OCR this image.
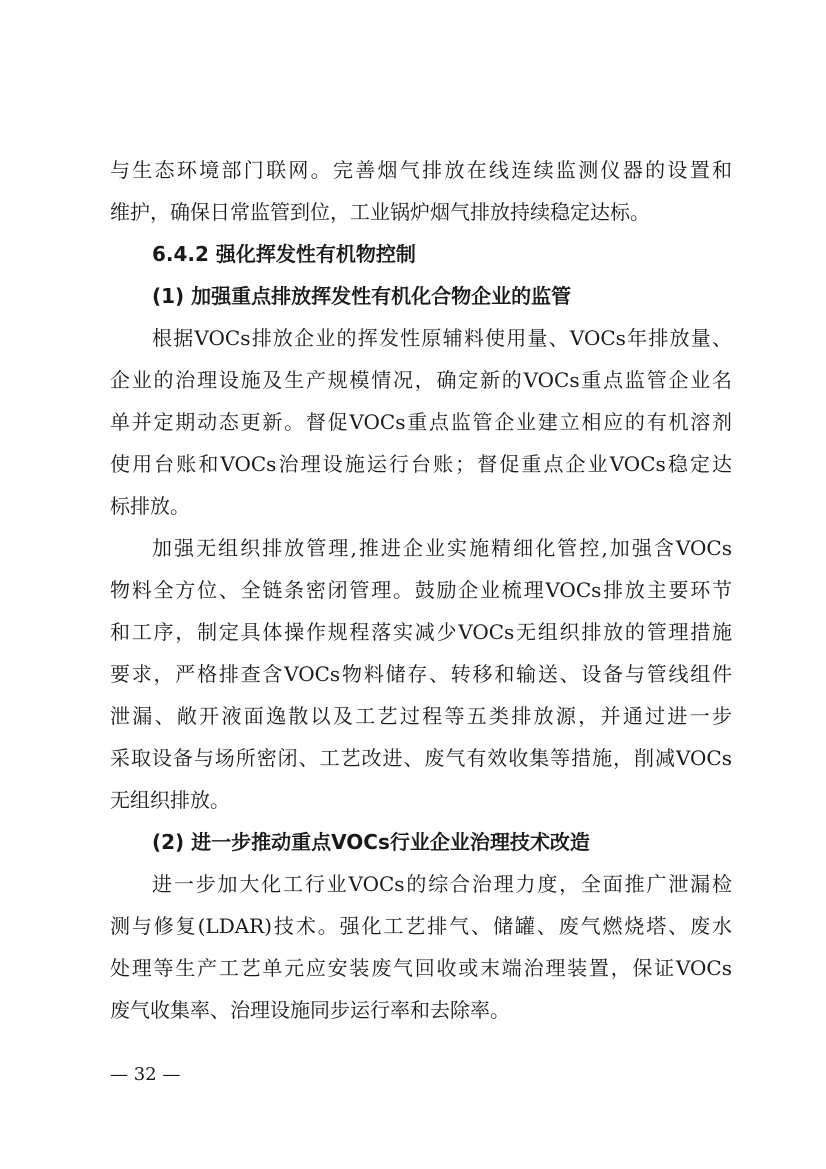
与生态环境部门联网。完善烟气排放在线连续监测仪器的设置和
维护，确保日常监管到位，工业锅炉烟气排放持续稳定达标。
6.4.2 强化挥发性有机物控制
(1) 加强重点排放挥发性有机化合物企业的监管
根据VOCs排放企业的挥发性原辅料使用量、VOCs年排放量、
企业的治理设施及生产规模情况，确定新的VOCs重点监管企业名
单并定期动态更新。督促VOCs重点监管企业建立相应的有机溶剂
使用台账和VOCs治理设施运行台账；督促重点企业VOCs稳定达
标排放。
加强无组织排放管理,推进企业实施精细化管控,加强含VOCs
物料全方位、全链条密闭管理。鼓励企业梳理VOCs排放主要环节
和工序，制定具体操作规程落实减少VOCs无组织排放的管理措施
要求，严格排查含VOCs物料储存、转移和输送、设备与管线组件
泄漏、敞开液面逸散以及工艺过程等五类排放源，并通过进一步
采取设备与场所密闭、工艺改进、废气有效收集等措施，削减VOCs
无组织排放。
(2) 进一步推动重点VOCs行业企业治理技术改造
进一步加大化工行业VOCs的综合治理力度，全面推广泄漏检
测与修复(LDAR)技术。强化工艺排气、储罐、废气燃烧塔、废水
处理等生产工艺单元应安装废气回收或末端治理装置，保证VOCs
废气收集率、治理设施同步运行率和去除率。
— 32 —
